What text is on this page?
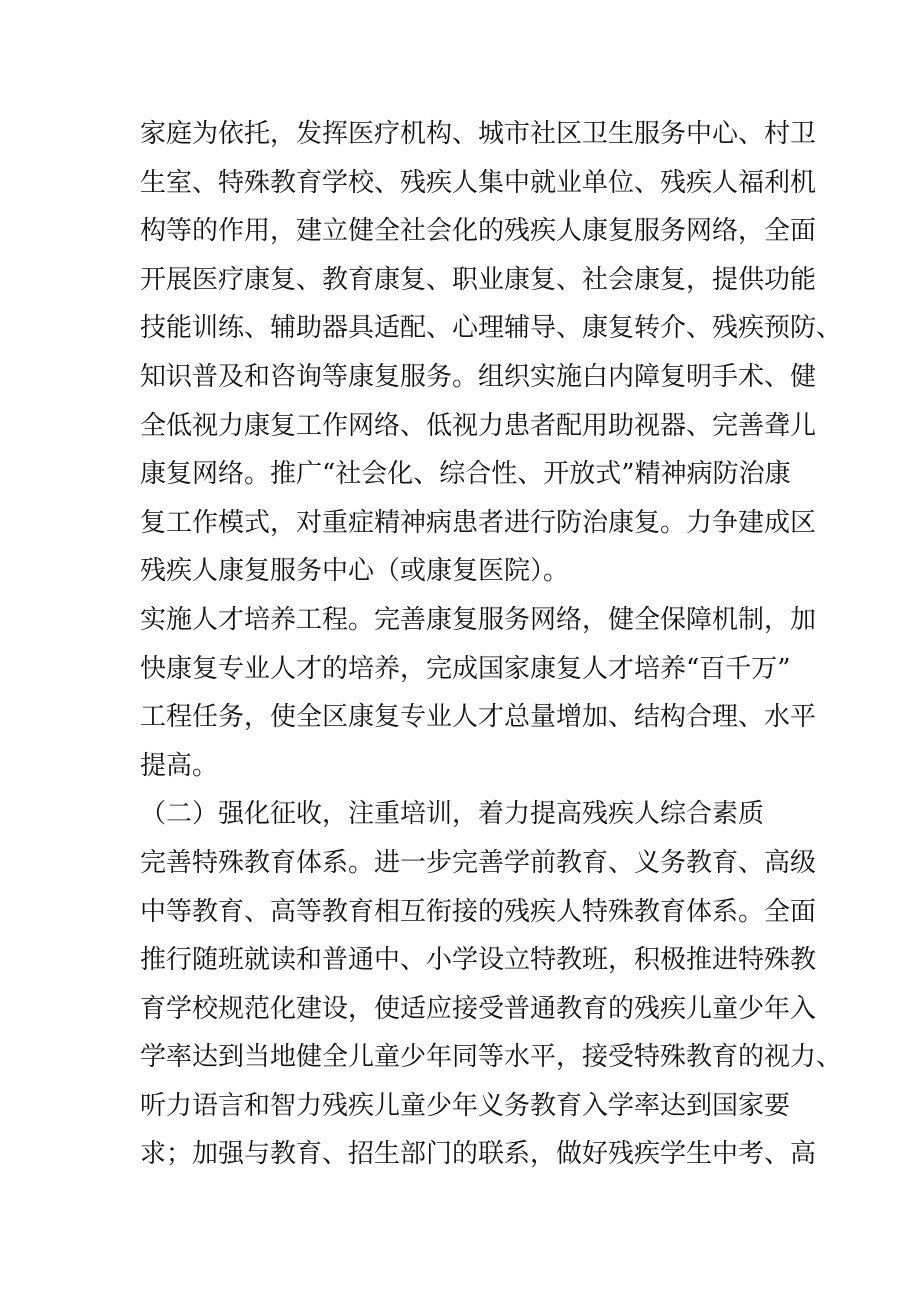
家庭为依托，发挥医疗机构、城市社区卫生服务中心、村卫
生室、特殊教育学校、残疾人集中就业单位、残疾人福利机
构等的作用，建立健全社会化的残疾人康复服务网络，全面
开展医疗康复、教育康复、职业康复、社会康复，提供功能
技能训练、辅助器具适配、心理辅导、康复转介、残疾预防、
知识普及和咨询等康复服务。组织实施白内障复明手术、健
全低视力康复工作网络、低视力患者配用助视器、完善聋儿
康复网络。推广“社会化、综合性、开放式”精神病防治康
复工作模式，对重症精神病患者进行防治康复。力争建成区
残疾人康复服务中心（或康复医院）。
实施人才培养工程。完善康复服务网络，健全保障机制，加
快康复专业人才的培养，完成国家康复人才培养“百千万”
工程任务，使全区康复专业人才总量增加、结构合理、水平
提高。
（二）强化征收，注重培训，着力提高残疾人综合素质
完善特殊教育体系。进一步完善学前教育、义务教育、高级
中等教育、高等教育相互衔接的残疾人特殊教育体系。全面
推行随班就读和普通中、小学设立特教班，积极推进特殊教
育学校规范化建设，使适应接受普通教育的残疾儿童少年入
学率达到当地健全儿童少年同等水平，接受特殊教育的视力、
听力语言和智力残疾儿童少年义务教育入学率达到国家要
求；加强与教育、招生部门的联系，做好残疾学生中考、高
